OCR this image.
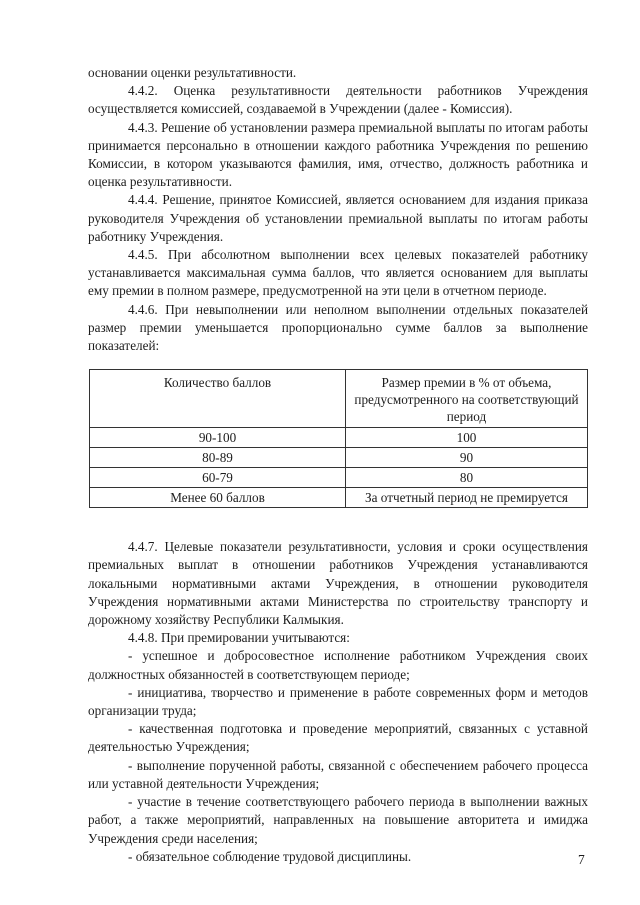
основании оценки результативности.

4.4.2. Оценка результативности деятельности работников Учреждения осуществляется комиссией, создаваемой в Учреждении (далее - Комиссия).

4.4.3. Решение об установлении размера премиальной выплаты по итогам работы принимается персонально в отношении каждого работника Учреждения по решению Комиссии, в котором указываются фамилия, имя, отчество, должность работника и оценка результативности.

4.4.4. Решение, принятое Комиссией, является основанием для издания приказа руководителя Учреждения об установлении премиальной выплаты по итогам работы работнику Учреждения.

4.4.5. При абсолютном выполнении всех целевых показателей работнику устанавливается максимальная сумма баллов, что является основанием для выплаты ему премии в полном размере, предусмотренной на эти цели в отчетном периоде.

4.4.6. При невыполнении или неполном выполнении отдельных показателей размер премии уменьшается пропорционально сумме баллов за выполнение показателей:

Количество баллов	Размер премии в % от объема, предусмотренного на соответствующий период
90-100	100
80-89	90
60-79	80
Менее 60 баллов	За отчетный период не премируется

4.4.7. Целевые показатели результативности, условия и сроки осуществления премиальных выплат в отношении работников Учреждения устанавливаются локальными нормативными актами Учреждения, в отношении руководителя Учреждения нормативными актами Министерства по строительству транспорту и дорожному хозяйству Республики Калмыкия.

4.4.8. При премировании учитываются:

- успешное и добросовестное исполнение работником Учреждения своих должностных обязанностей в соответствующем периоде;

- инициатива, творчество и применение в работе современных форм и методов организации труда;

- качественная подготовка и проведение мероприятий, связанных с уставной деятельностью Учреждения;

- выполнение порученной работы, связанной с обеспечением рабочего процесса или уставной деятельности Учреждения;

- участие в течение соответствующего рабочего периода в выполнении важных работ, а также мероприятий, направленных на повышение авторитета и имиджа Учреждения среди населения;

- обязательное соблюдение трудовой дисциплины.	7
